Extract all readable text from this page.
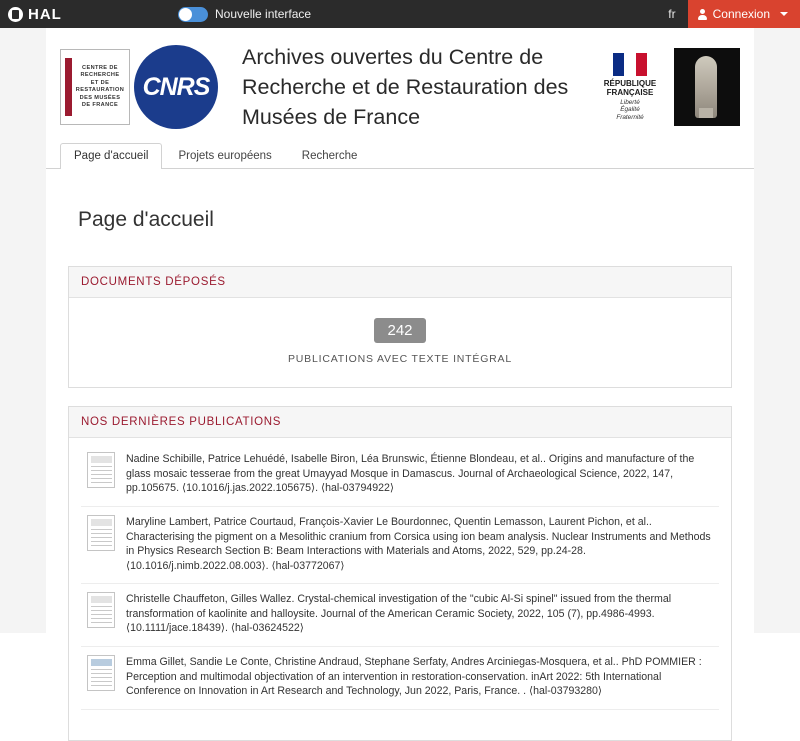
HAL	Nouvelle interface	fr	Connexion
CENTRE DE
RECHERCHE
ET DE
RESTAURATION
DES MUSÉES
DE FRANCE
CNRS
Archives ouvertes du Centre de Recherche et de Restauration des Musées de France
RÉPUBLIQUE
FRANÇAISE
Liberté
Égalité
Fraternité
Page d'accueil	Projets européens	Recherche
Page d'accueil
DOCUMENTS DÉPOSÉS
242
PUBLICATIONS AVEC TEXTE INTÉGRAL
NOS DERNIÈRES PUBLICATIONS
Nadine Schibille, Patrice Lehuédé, Isabelle Biron, Léa Brunswic, Étienne Blondeau, et al.. Origins and manufacture of the glass mosaic tesserae from the great Umayyad Mosque in Damascus. Journal of Archaeological Science, 2022, 147, pp.105675. ⟨10.1016/j.jas.2022.105675⟩. ⟨hal-03794922⟩
Maryline Lambert, Patrice Courtaud, François-Xavier Le Bourdonnec, Quentin Lemasson, Laurent Pichon, et al.. Characterising the pigment on a Mesolithic cranium from Corsica using ion beam analysis. Nuclear Instruments and Methods in Physics Research Section B: Beam Interactions with Materials and Atoms, 2022, 529, pp.24-28. ⟨10.1016/j.nimb.2022.08.003⟩. ⟨hal-03772067⟩
Christelle Chauffeton, Gilles Wallez. Crystal-chemical investigation of the "cubic Al-Si spinel" issued from the thermal transformation of kaolinite and halloysite. Journal of the American Ceramic Society, 2022, 105 (7), pp.4986-4993. ⟨10.1111/jace.18439⟩. ⟨hal-03624522⟩
Emma Gillet, Sandie Le Conte, Christine Andraud, Stephane Serfaty, Andres Arciniegas-Mosquera, et al.. PhD POMMIER : Perception and multimodal objectivation of an intervention in restoration-conservation. inArt 2022: 5th International Conference on Innovation in Art Research and Technology, Jun 2022, Paris, France. . ⟨hal-03793280⟩
